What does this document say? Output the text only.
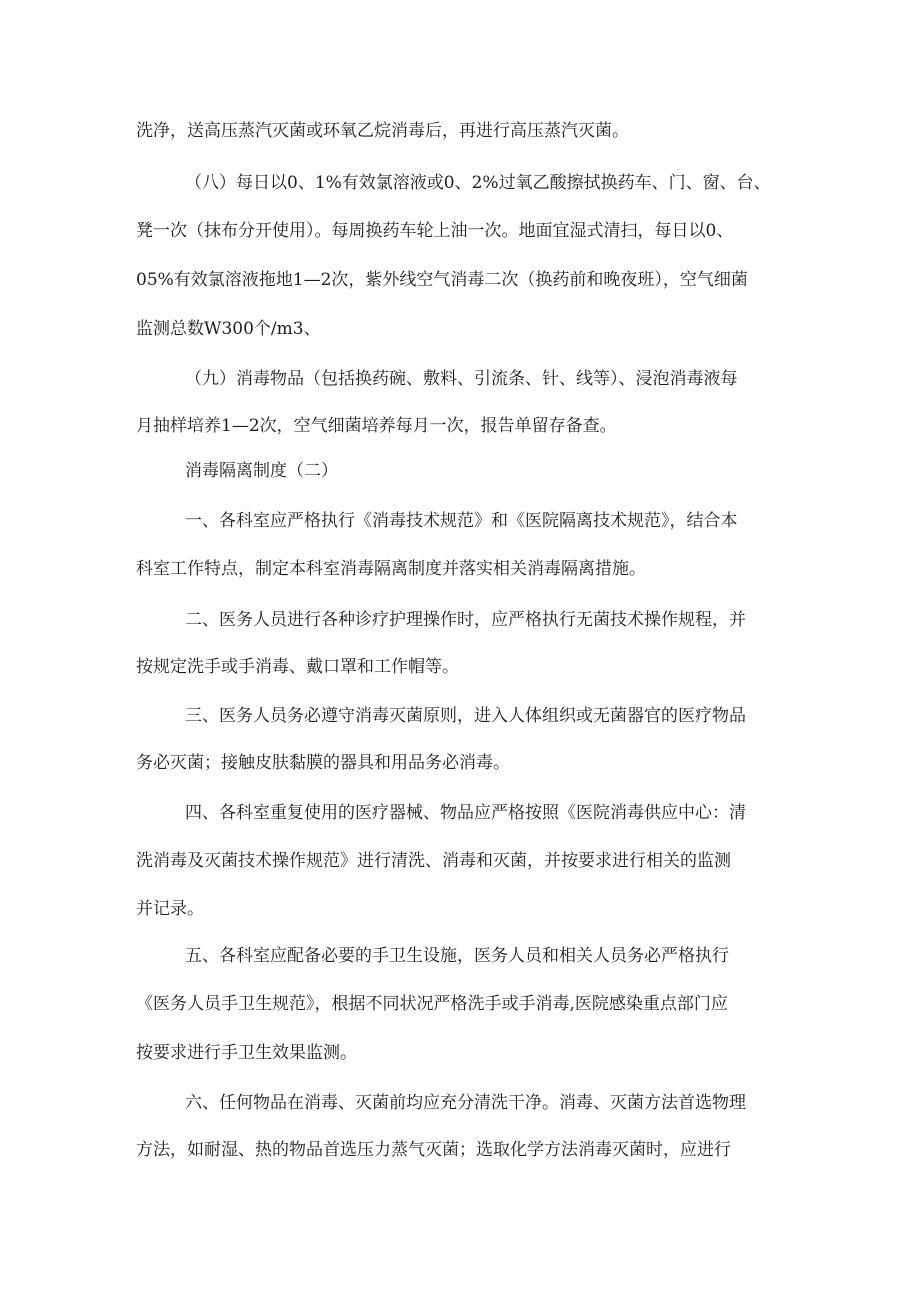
洗净，送高压蒸汽灭菌或环氧乙烷消毒后，再进行高压蒸汽灭菌。
（八）每日以0、1%有效氯溶液或0、2%过氧乙酸擦拭换药车、门、窗、台、
凳一次（抹布分开使用）。每周换药车轮上油一次。地面宜湿式清扫，每日以0、
05%有效氯溶液拖地1—2次，紫外线空气消毒二次（换药前和晚夜班），空气细菌
监测总数W300个/m3、
（九）消毒物品（包括换药碗、敷料、引流条、针、线等）、浸泡消毒液每
月抽样培养1—2次，空气细菌培养每月一次，报告单留存备查。
消毒隔离制度（二）
一、各科室应严格执行《消毒技术规范》和《医院隔离技术规范》，结合本
科室工作特点，制定本科室消毒隔离制度并落实相关消毒隔离措施。
二、医务人员进行各种诊疗护理操作时，应严格执行无菌技术操作规程，并
按规定洗手或手消毒、戴口罩和工作帽等。
三、医务人员务必遵守消毒灭菌原则，进入人体组织或无菌器官的医疗物品
务必灭菌；接触皮肤黏膜的器具和用品务必消毒。
四、各科室重复使用的医疗器械、物品应严格按照《医院消毒供应中心：清
洗消毒及灭菌技术操作规范》进行清洗、消毒和灭菌，并按要求进行相关的监测
并记录。
五、各科室应配备必要的手卫生设施，医务人员和相关人员务必严格执行
《医务人员手卫生规范》，根据不同状况严格洗手或手消毒,医院感染重点部门应
按要求进行手卫生效果监测。
六、任何物品在消毒、灭菌前均应充分清洗干净。消毒、灭菌方法首选物理
方法，如耐湿、热的物品首选压力蒸气灭菌；选取化学方法消毒灭菌时，应进行
